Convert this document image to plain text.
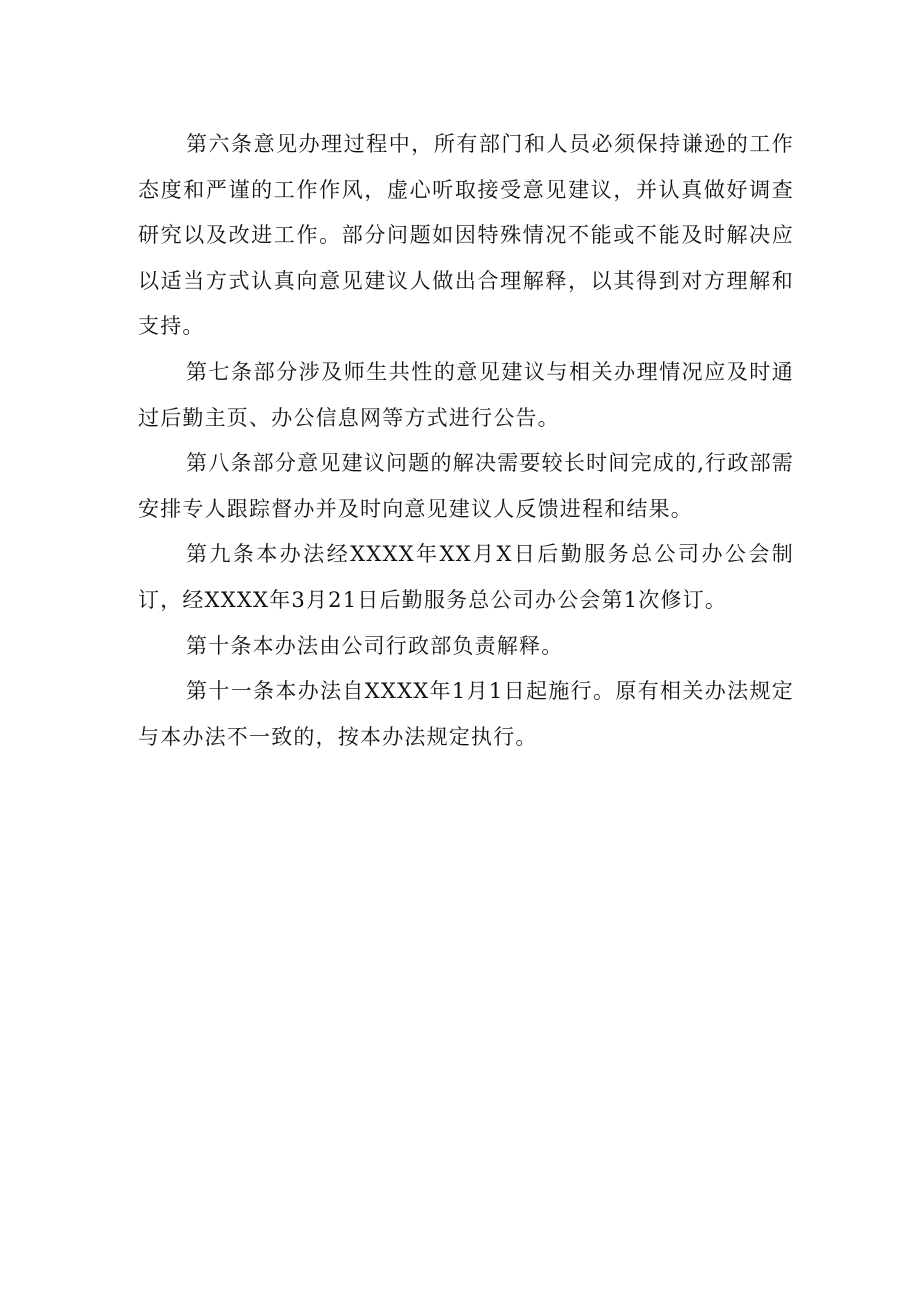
第六条意见办理过程中，所有部门和人员必须保持谦逊的工作态度和严谨的工作作风，虚心听取接受意见建议，并认真做好调查研究以及改进工作。部分问题如因特殊情况不能或不能及时解决应以适当方式认真向意见建议人做出合理解释，以其得到对方理解和支持。

第七条部分涉及师生共性的意见建议与相关办理情况应及时通过后勤主页、办公信息网等方式进行公告。

第八条部分意见建议问题的解决需要较长时间完成的,行政部需安排专人跟踪督办并及时向意见建议人反馈进程和结果。

第九条本办法经XXXX年XX月X日后勤服务总公司办公会制订，经XXXX年3月21日后勤服务总公司办公会第1次修订。

第十条本办法由公司行政部负责解释。

第十一条本办法自XXXX年1月1日起施行。原有相关办法规定与本办法不一致的，按本办法规定执行。
